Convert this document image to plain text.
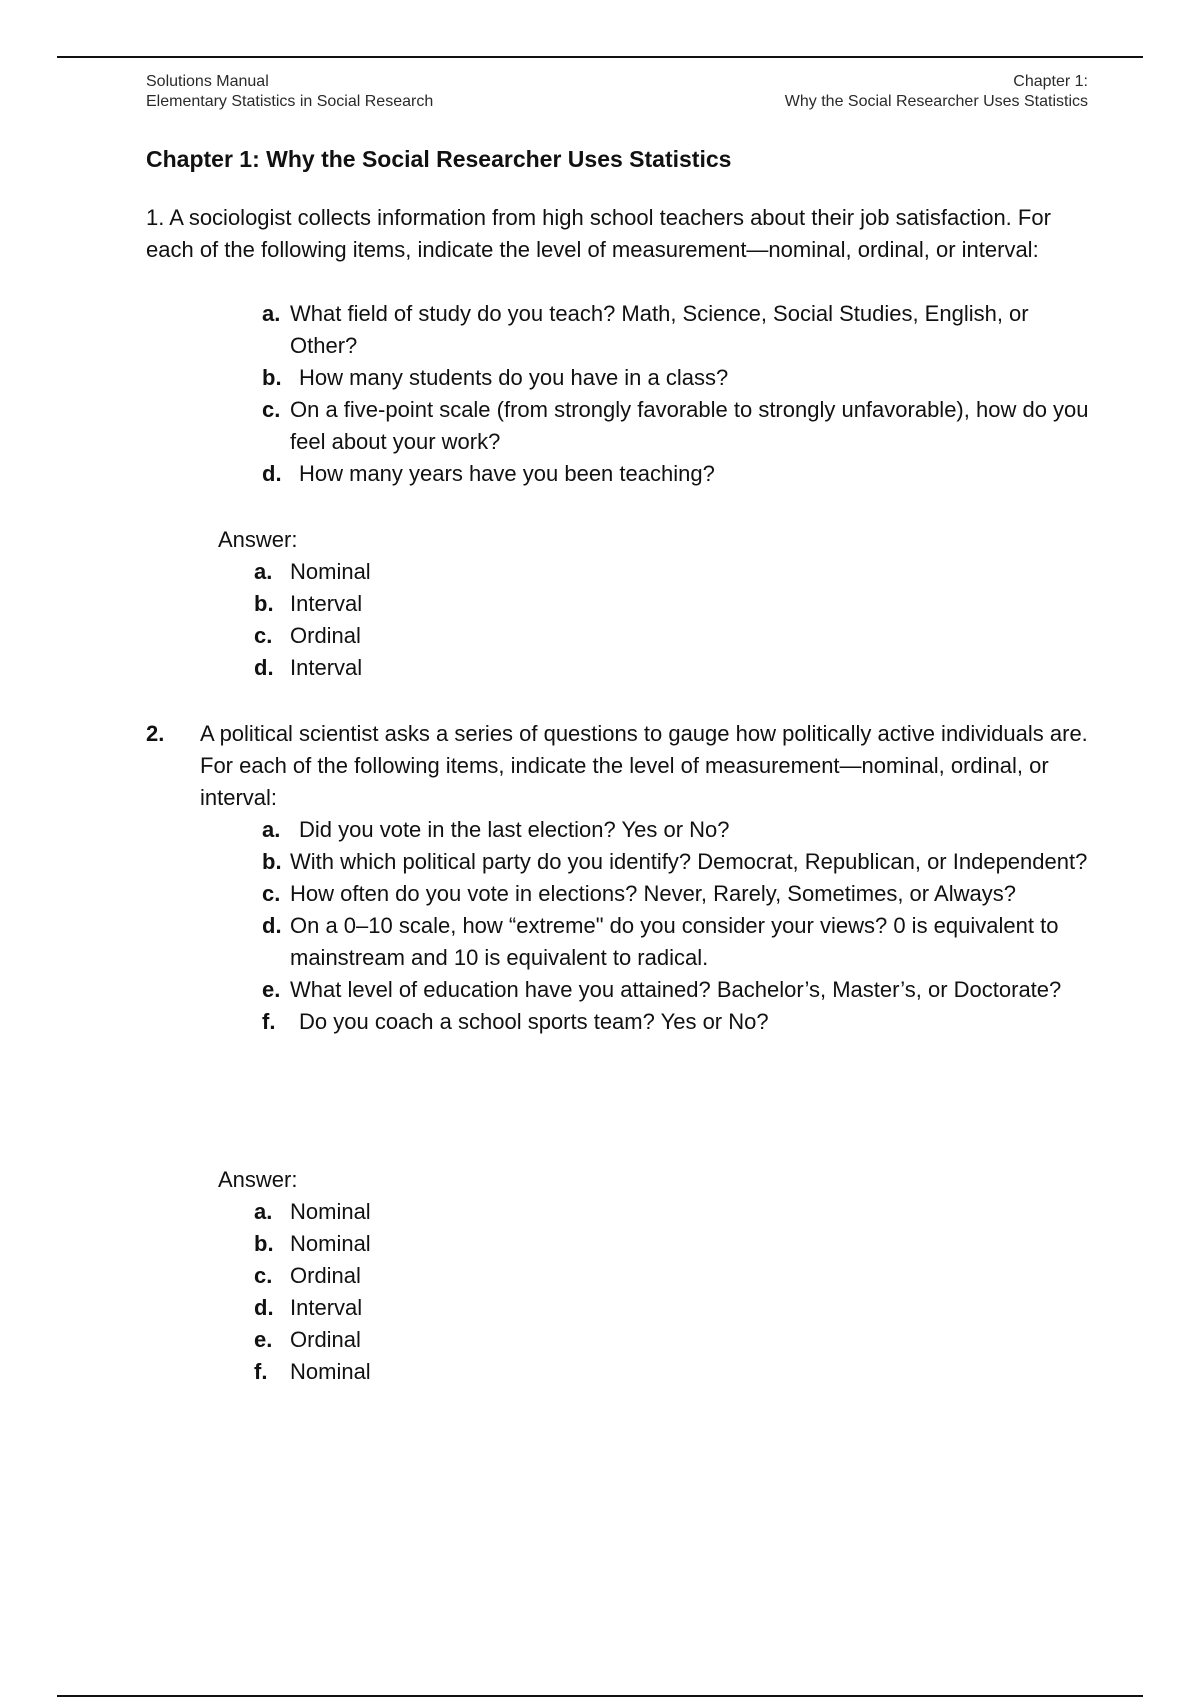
Solutions Manual
Elementary Statistics in Social Research
Chapter 1:
Why the Social Researcher Uses Statistics
Chapter 1: Why the Social Researcher Uses Statistics
1. A sociologist collects information from high school teachers about their job satisfaction. For each of the following items, indicate the level of measurement—nominal, ordinal, or interval:
a. What field of study do you teach? Math, Science, Social Studies, English, or Other?
b. How many students do you have in a class?
c. On a five-point scale (from strongly favorable to strongly unfavorable), how do you feel about your work?
d. How many years have you been teaching?
Answer:
a. Nominal
b. Interval
c. Ordinal
d. Interval
2. A political scientist asks a series of questions to gauge how politically active individuals are. For each of the following items, indicate the level of measurement—nominal, ordinal, or interval:
a. Did you vote in the last election? Yes or No?
b. With which political party do you identify? Democrat, Republican, or Independent?
c. How often do you vote in elections? Never, Rarely, Sometimes, or Always?
d. On a 0–10 scale, how “extreme" do you consider your views? 0 is equivalent to mainstream and 10 is equivalent to radical.
e. What level of education have you attained? Bachelor’s, Master’s, or Doctorate?
f. Do you coach a school sports team? Yes or No?
Answer:
a. Nominal
b. Nominal
c. Ordinal
d. Interval
e. Ordinal
f. Nominal
